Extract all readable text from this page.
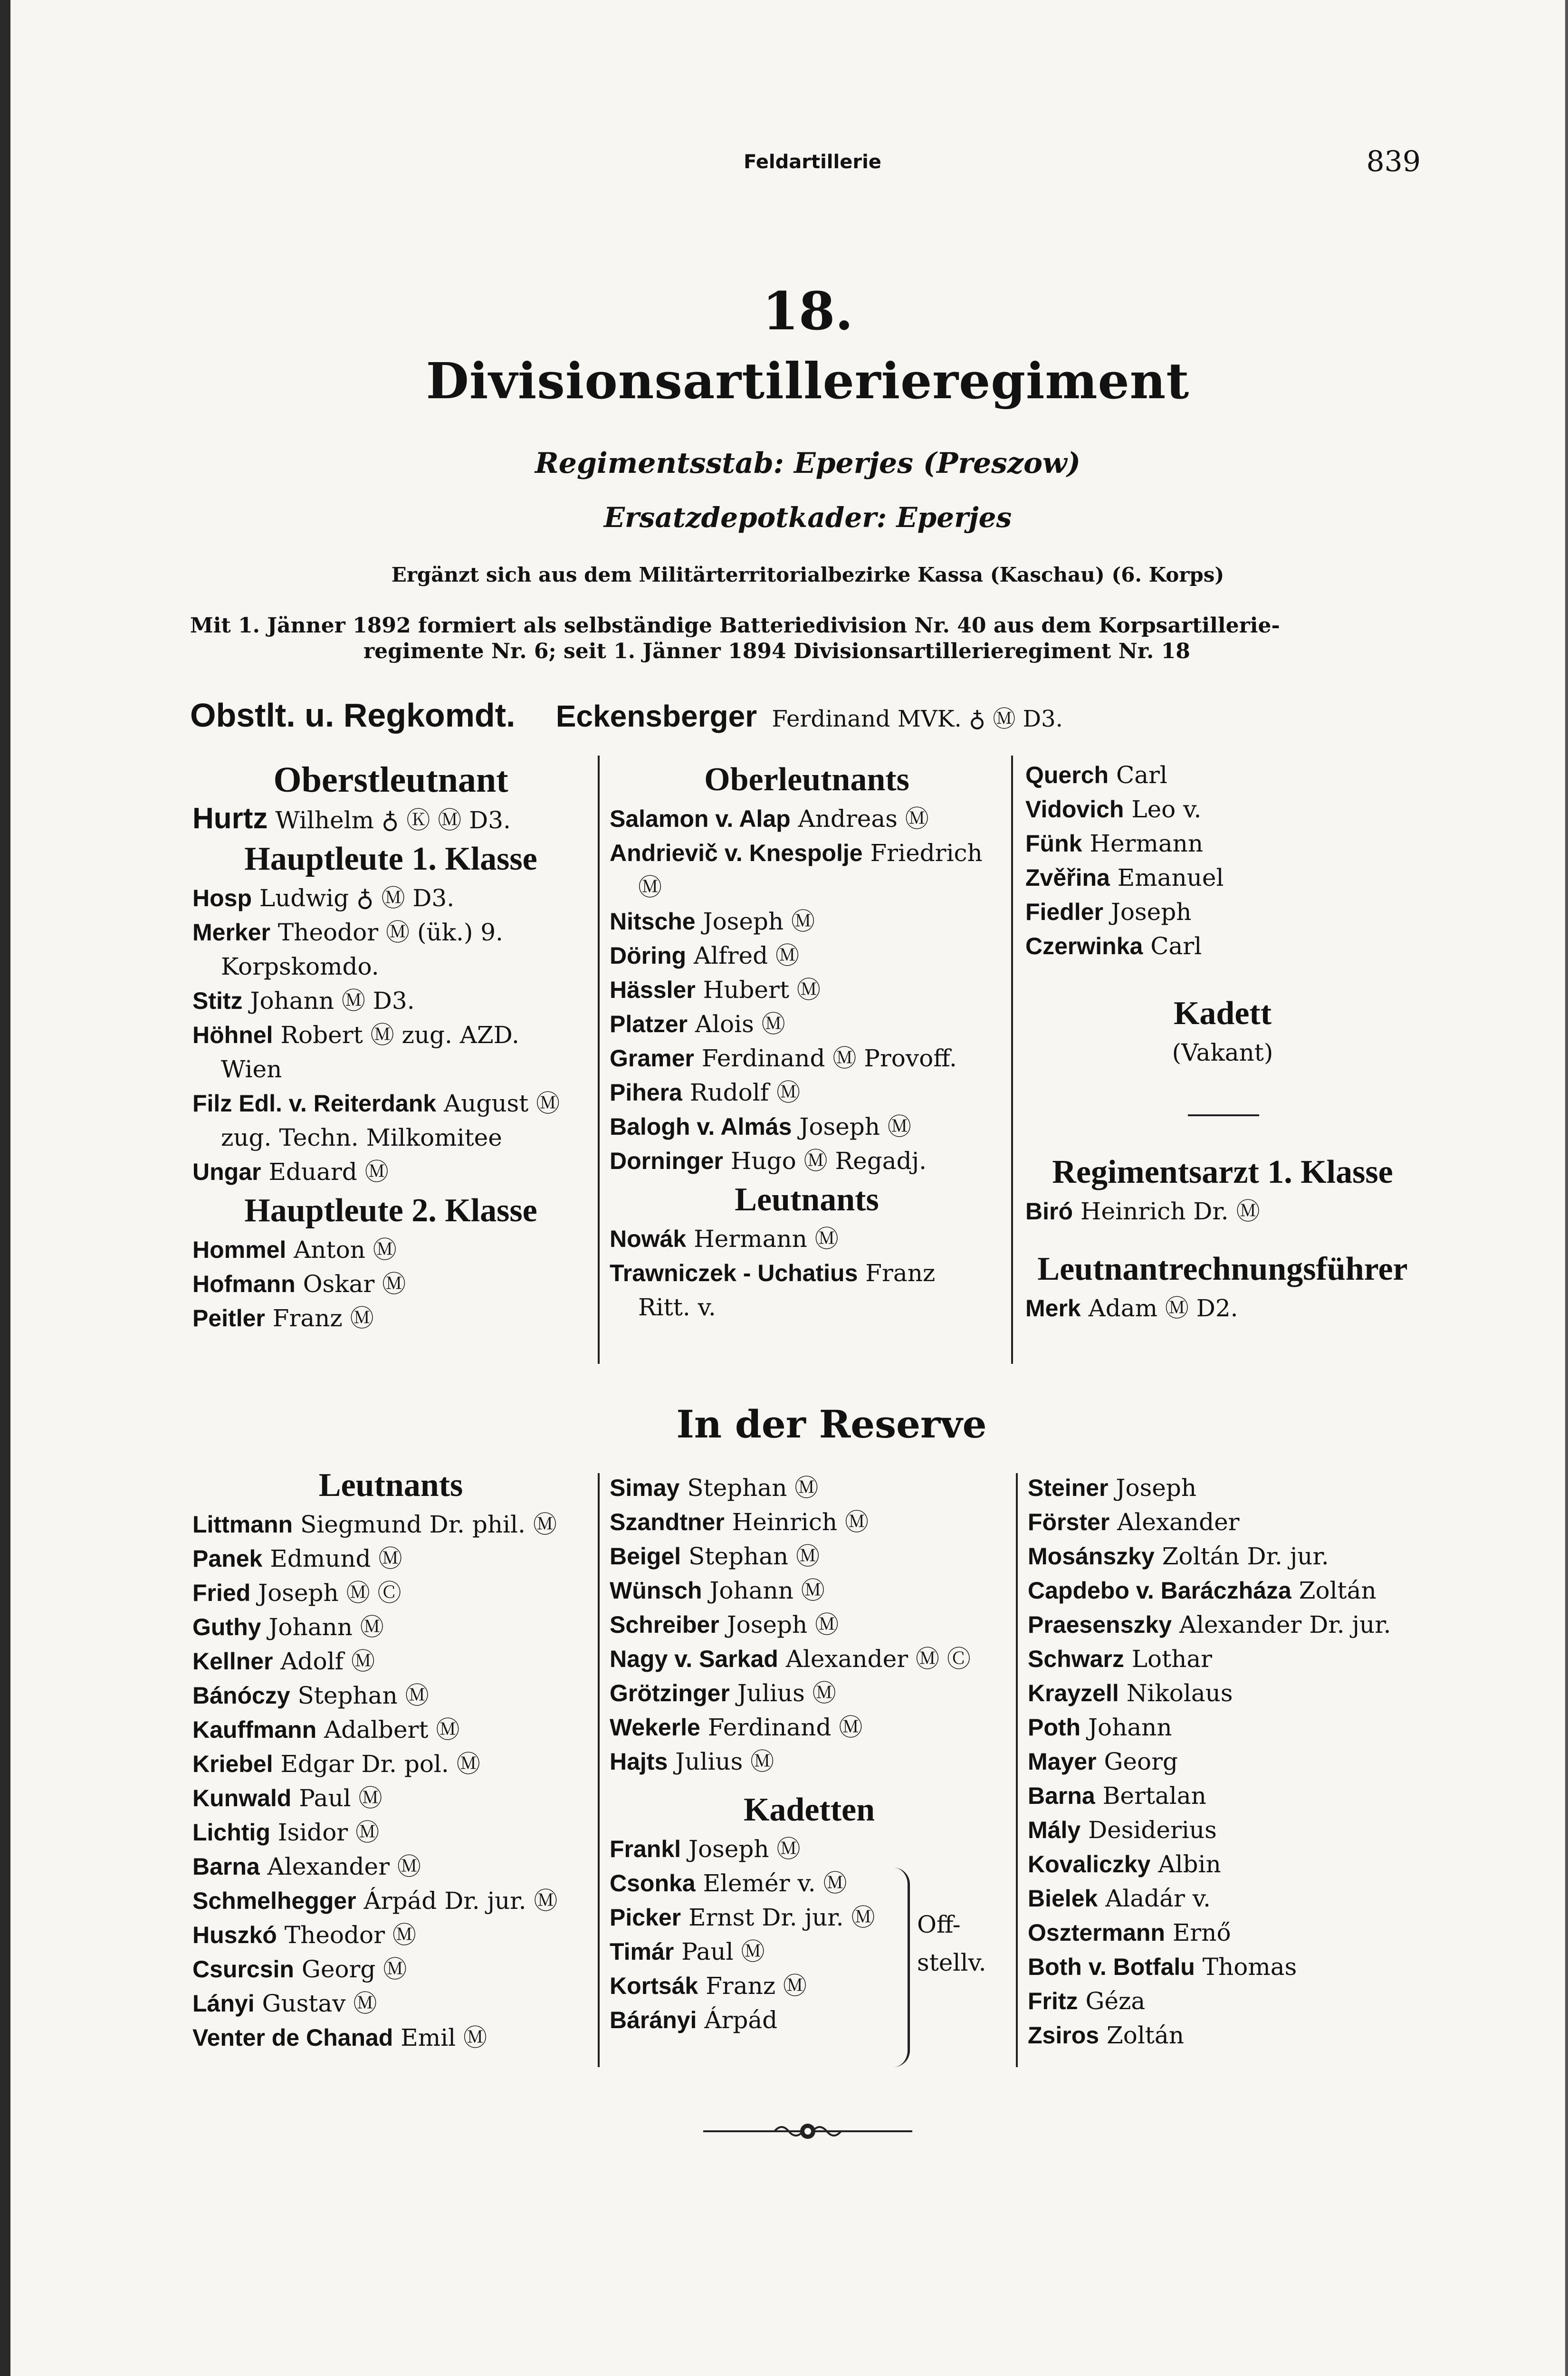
Feldartillerie	839

18.

Divisionsartillerieregiment

Regimentsstab: Eperjes (Preszow)

Ersatzdepotkader: Eperjes

Ergänzt sich aus dem Militärterritorialbezirke Kassa (Kaschau) (6. Korps)

Mit 1. Jänner 1892 formiert als selbständige Batteriedivision Nr. 40 aus dem Korpsartillerie-
regimente Nr. 6; seit 1. Jänner 1894 Divisionsartillerieregiment Nr. 18

Obstlt. u. Regkomdt. Eckensberger Ferdinand MVK. ♁ Ⓜ D3.

Oberstleutnant
Hurtz Wilhelm ♁ Ⓚ Ⓜ D3.
Hauptleute 1. Klasse
Hosp Ludwig ♁ Ⓜ D3.
Merker Theodor Ⓜ (ük.) 9.
Korpskomdo.
Stitz Johann Ⓜ D3.
Höhnel Robert Ⓜ zug. AZD.
Wien
Filz Edl. v. Reiterdank August Ⓜ
zug. Techn. Milkomitee
Ungar Eduard Ⓜ
Hauptleute 2. Klasse
Hommel Anton Ⓜ
Hofmann Oskar Ⓜ
Peitler Franz Ⓜ
Oberleutnants
Salamon v. Alap Andreas Ⓜ
Andrievič v. Knespolje Friedrich
Ⓜ
Nitsche Joseph Ⓜ
Döring Alfred Ⓜ
Hässler Hubert Ⓜ
Platzer Alois Ⓜ
Gramer Ferdinand Ⓜ Provoff.
Pihera Rudolf Ⓜ
Balogh v. Almás Joseph Ⓜ
Dorninger Hugo Ⓜ Regadj.
Leutnants
Nowák Hermann Ⓜ
Trawniczek - Uchatius Franz
Ritt. v.
Querch Carl
Vidovich Leo v.
Fünk Hermann
Zvěřina Emanuel
Fiedler Joseph
Czerwinka Carl
Kadett
(Vakant)
Regimentsarzt 1. Klasse
Biró Heinrich Dr. Ⓜ
Leutnantrechnungsführer
Merk Adam Ⓜ D2.

In der Reserve

Leutnants
Littmann Siegmund Dr. phil. Ⓜ
Panek Edmund Ⓜ
Fried Joseph Ⓜ Ⓒ
Guthy Johann Ⓜ
Kellner Adolf Ⓜ
Bánóczy Stephan Ⓜ
Kauffmann Adalbert Ⓜ
Kriebel Edgar Dr. pol. Ⓜ
Kunwald Paul Ⓜ
Lichtig Isidor Ⓜ
Barna Alexander Ⓜ
Schmelhegger Árpád Dr. jur. Ⓜ
Huszkó Theodor Ⓜ
Csurcsin Georg Ⓜ
Lányi Gustav Ⓜ
Venter de Chanad Emil Ⓜ
Simay Stephan Ⓜ
Szandtner Heinrich Ⓜ
Beigel Stephan Ⓜ
Wünsch Johann Ⓜ
Schreiber Joseph Ⓜ
Nagy v. Sarkad Alexander Ⓜ Ⓒ
Grötzinger Julius Ⓜ
Wekerle Ferdinand Ⓜ
Hajts Julius Ⓜ
Kadetten
Frankl Joseph Ⓜ
Csonka Elemér v. Ⓜ
Picker Ernst Dr. jur. Ⓜ
Timár Paul Ⓜ
Kortsák Franz Ⓜ
Bárányi Árpád

Off-
stellv.

Steiner Joseph
Förster Alexander
Mosánszky Zoltán Dr. jur.
Capdebo v. Baráczháza Zoltán
Praesenszky Alexander Dr. jur.
Schwarz Lothar
Krayzell Nikolaus
Poth Johann
Mayer Georg
Barna Bertalan
Mály Desiderius
Kovaliczky Albin
Bielek Aladár v.
Osztermann Ernő
Both v. Botfalu Thomas
Fritz Géza
Zsiros Zoltán
